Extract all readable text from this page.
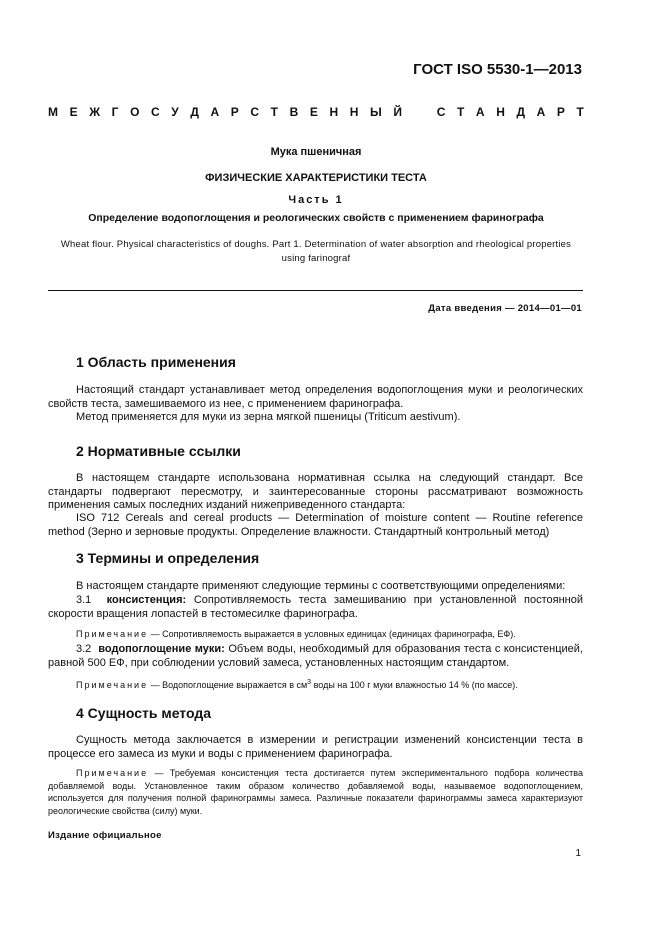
ГОСТ ISO 5530-1—2013
М Е Ж Г О С У Д А Р С Т В Е Н Н Ы Й	С Т А Н Д А Р Т
Мука пшеничная
ФИЗИЧЕСКИЕ ХАРАКТЕРИСТИКИ ТЕСТА
Часть 1
Определение водопоглощения и реологических свойств с применением фаринографа
Wheat flour. Physical characteristics of doughs. Part 1. Determination of water absorption and rheological properties
using farinograf
Дата введения — 2014—01—01
1 Область применения
Настоящий стандарт устанавливает метод определения водопоглощения муки и реологических свойств теста, замешиваемого из нее, с применением фаринографа.
Метод применяется для муки из зерна мягкой пшеницы (Triticum aestivum).
2 Нормативные ссылки
В настоящем стандарте использована нормативная ссылка на следующий стандарт. Все стандарты подвергают пересмотру, и заинтересованные стороны рассматривают возможность применения самых последних изданий нижеприведенного стандарта:
ISO 712 Cereals and cereal products — Determination of moisture content — Routine reference method (Зерно и зерновые продукты. Определение влажности. Стандартный контрольный метод)
3 Термины и определения
В настоящем стандарте применяют следующие термины с соответствующими определениями:
3.1 консистенция: Сопротивляемость теста замешиванию при установленной постоянной скорости вращения лопастей в тестомесилке фаринографа.
Примечание — Сопротивляемость выражается в условных единицах (единицах фаринографа, ЕФ).
3.2 водопоглощение муки: Объем воды, необходимый для образования теста с консистенцией, равной 500 ЕФ, при соблюдении условий замеса, установленных настоящим стандартом.
Примечание — Водопоглощение выражается в $см^3$ воды на 100 г муки влажностью 14 % (по массе).
4 Сущность метода
Сущность метода заключается в измерении и регистрации изменений консистенции теста в процессе его замеса из муки и воды с применением фаринографа.
Примечание — Требуемая консистенция теста достигается путем экспериментального подбора количества добавляемой воды. Установленное таким образом количество добавляемой воды, называемое водопоглощением, используется для получения полной фаринограммы замеса. Различные показатели фаринограммы замеса характеризуют реологические свойства (силу) муки.
Издание официальное
1
